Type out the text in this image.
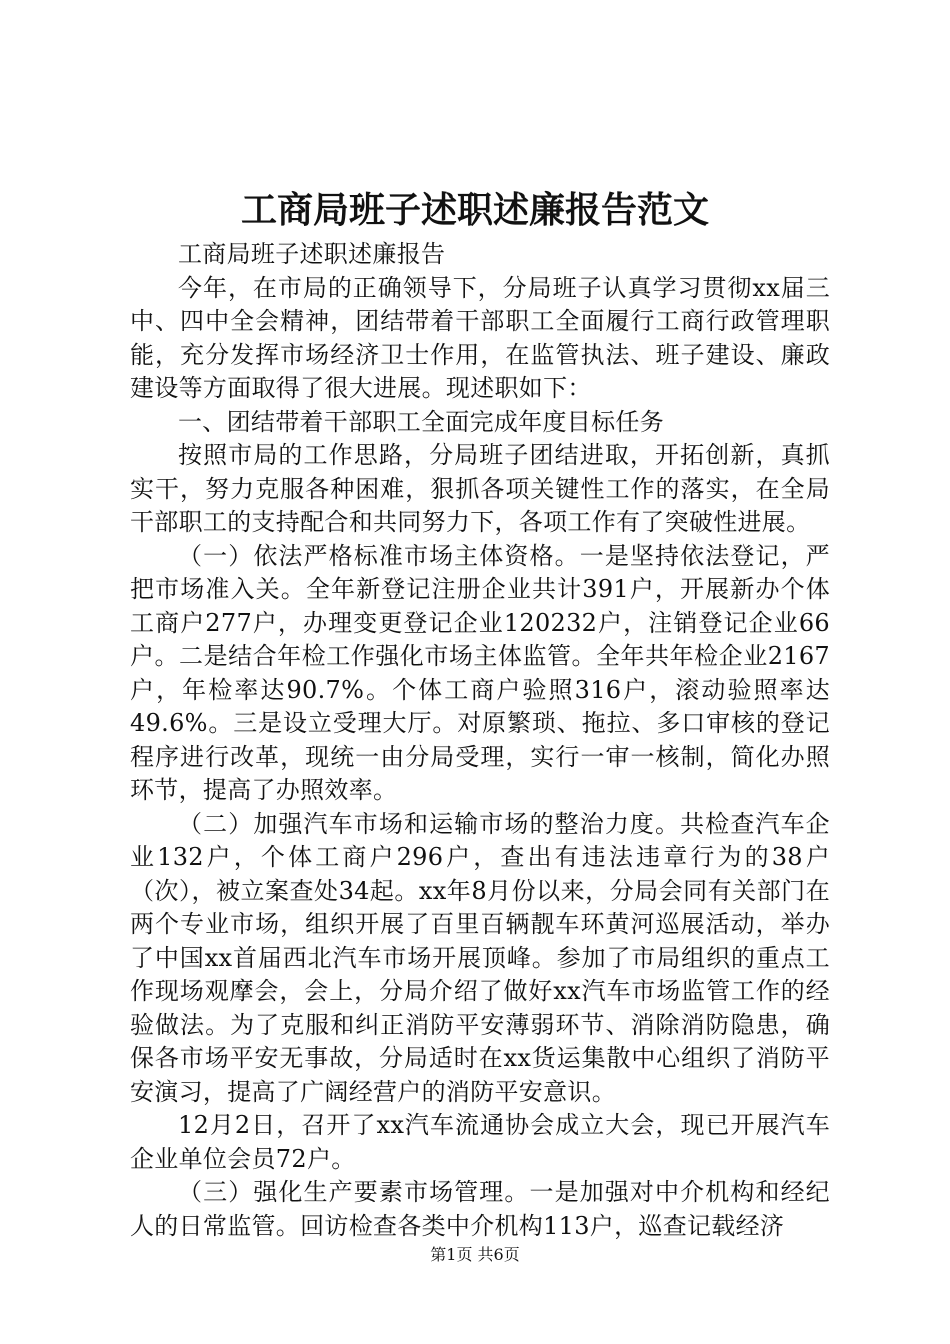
工商局班子述职述廉报告范文

工商局班子述职述廉报告

今年，在市局的正确领导下，分局班子认真学习贯彻xx届三中、四中全会精神，团结带着干部职工全面履行工商行政管理职能，充分发挥市场经济卫士作用，在监管执法、班子建设、廉政建设等方面取得了很大进展。现述职如下：

一、团结带着干部职工全面完成年度目标任务

按照市局的工作思路，分局班子团结进取，开拓创新，真抓实干，努力克服各种困难，狠抓各项关键性工作的落实，在全局干部职工的支持配合和共同努力下，各项工作有了突破性进展。

（一）依法严格标准市场主体资格。一是坚持依法登记，严把市场准入关。全年新登记注册企业共计391户，开展新办个体工商户277户，办理变更登记企业120232户，注销登记企业66户。二是结合年检工作强化市场主体监管。全年共年检企业2167户，年检率达90.7%。个体工商户验照316户，滚动验照率达49.6%。三是设立受理大厅。对原繁琐、拖拉、多口审核的登记程序进行改革，现统一由分局受理，实行一审一核制，简化办照环节，提高了办照效率。

（二）加强汽车市场和运输市场的整治力度。共检查汽车企业132户，个体工商户296户，查出有违法违章行为的38户（次），被立案查处34起。xx年8月份以来，分局会同有关部门在两个专业市场，组织开展了百里百辆靓车环黄河巡展活动，举办了中国xx首届西北汽车市场开展顶峰。参加了市局组织的重点工作现场观摩会，会上，分局介绍了做好xx汽车市场监管工作的经验做法。为了克服和纠正消防平安薄弱环节、消除消防隐患，确保各市场平安无事故，分局适时在xx货运集散中心组织了消防平安演习，提高了广阔经营户的消防平安意识。

12月2日，召开了xx汽车流通协会成立大会，现已开展汽车企业单位会员72户。

（三）强化生产要素市场管理。一是加强对中介机构和经纪人的日常监管。回访检查各类中介机构113户，巡查记载经济

第1页 共6页
